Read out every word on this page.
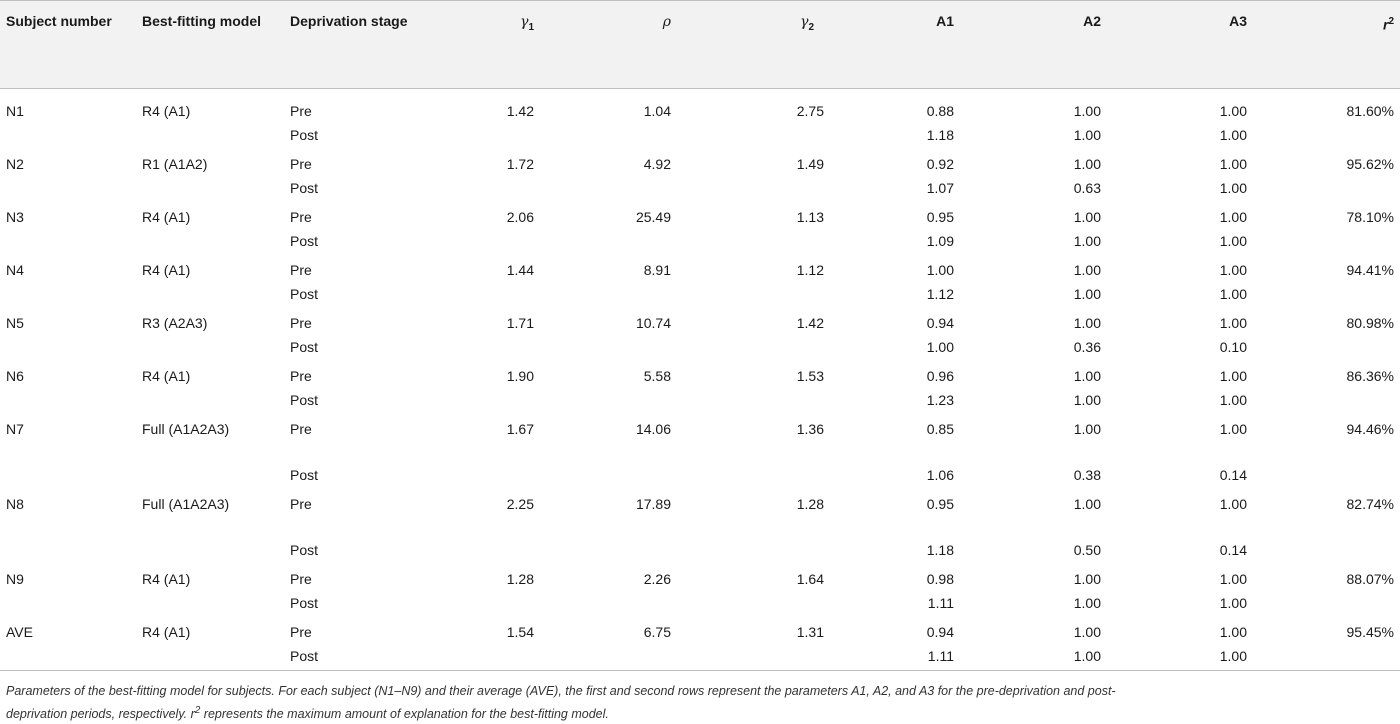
Subject number	Best-fitting model	Deprivation stage	$\gamma_1$	ρ	$\gamma_2$	A1	A2	A3	$r^2$
N1	R4 (A1)	Pre	1.42	1.04	2.75	0.88	1.00	1.00	81.60%
		Post				1.18	1.00	1.00	
N2	R1 (A1A2)	Pre	1.72	4.92	1.49	0.92	1.00	1.00	95.62%
		Post				1.07	0.63	1.00	
N3	R4 (A1)	Pre	2.06	25.49	1.13	0.95	1.00	1.00	78.10%
		Post				1.09	1.00	1.00	
N4	R4 (A1)	Pre	1.44	8.91	1.12	1.00	1.00	1.00	94.41%
		Post				1.12	1.00	1.00	
N5	R3 (A2A3)	Pre	1.71	10.74	1.42	0.94	1.00	1.00	80.98%
		Post				1.00	0.36	0.10	
N6	R4 (A1)	Pre	1.90	5.58	1.53	0.96	1.00	1.00	86.36%
		Post				1.23	1.00	1.00	
N7	Full (A1A2A3)	Pre	1.67	14.06	1.36	0.85	1.00	1.00	94.46%
		Post				1.06	0.38	0.14	
N8	Full (A1A2A3)	Pre	2.25	17.89	1.28	0.95	1.00	1.00	82.74%
		Post				1.18	0.50	0.14	
N9	R4 (A1)	Pre	1.28	2.26	1.64	0.98	1.00	1.00	88.07%
		Post				1.11	1.00	1.00	
AVE	R4 (A1)	Pre	1.54	6.75	1.31	0.94	1.00	1.00	95.45%
		Post				1.11	1.00	1.00	
Parameters of the best-fitting model for subjects. For each subject (N1–N9) and their average (AVE), the first and second rows represent the parameters A1, A2, and A3 for the pre-deprivation and post-deprivation periods, respectively. $r^2$ represents the maximum amount of explanation for the best-fitting model.
